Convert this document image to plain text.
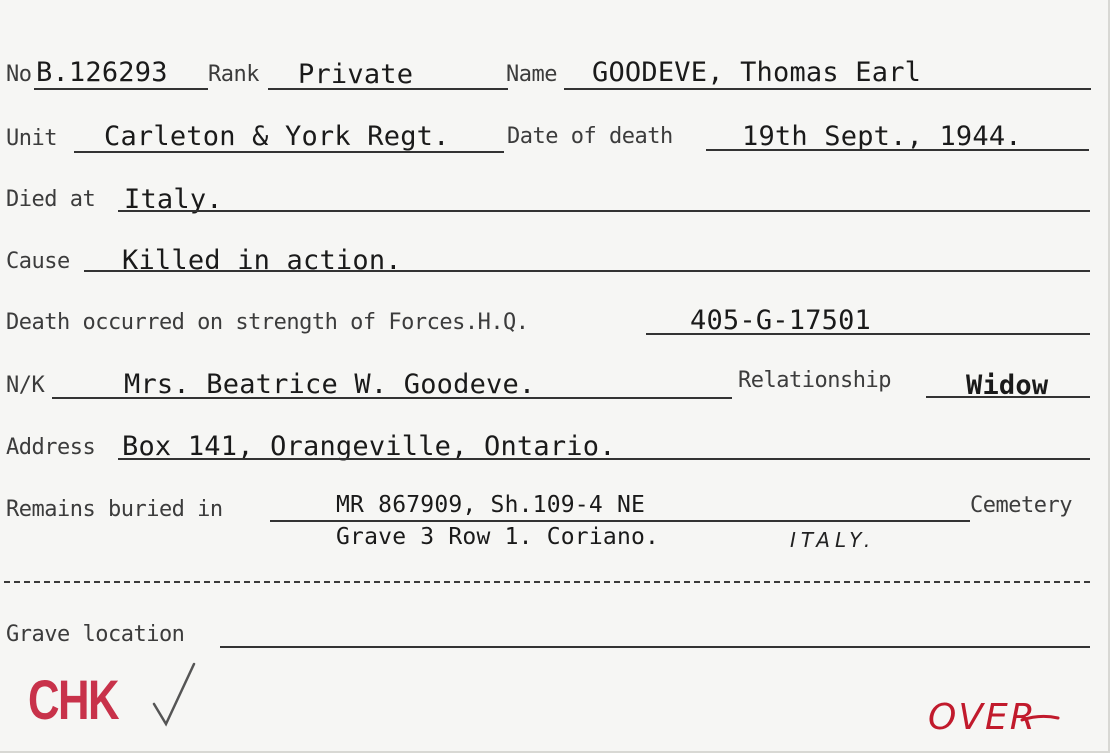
No B.126293 Rank Private	Name GOODEVE, Thomas Earl
Unit Carleton & York Regt.	Date of death	19th Sept., 1944.
Died at Italy.
Cause Killed in action.
Death occurred on strength of Forces.H.Q.	405-G-17501
N/K	Mrs. Beatrice W. Goodeve.	Relationship	Widow
Address Box 141, Orangeville, Ontario.
Remains buried in	MR 867909, Sh.109-4 NE	Cemetery
Grave 3 Row 1. Coriano.	ITALY.
Grave location
CHK	OVER
